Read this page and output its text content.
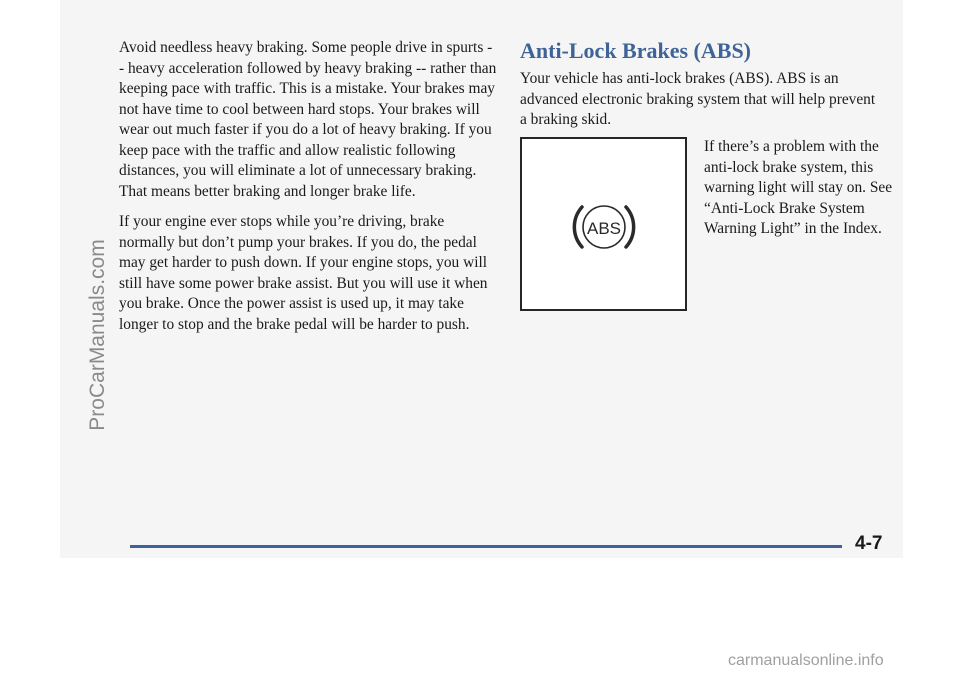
ProCarManuals.com

Avoid needless heavy braking. Some people drive in spurts -- heavy acceleration followed by heavy braking -- rather than keeping pace with traffic. This is a mistake. Your brakes may not have time to cool between hard stops. Your brakes will wear out much faster if you do a lot of heavy braking. If you keep pace with the traffic and allow realistic following distances, you will eliminate a lot of unnecessary braking. That means better braking and longer brake life.

If your engine ever stops while you’re driving, brake normally but don’t pump your brakes. If you do, the pedal may get harder to push down. If your engine stops, you will still have some power brake assist. But you will use it when you brake. Once the power assist is used up, it may take longer to stop and the brake pedal will be harder to push.

Anti-Lock Brakes (ABS)

Your vehicle has anti-lock brakes (ABS). ABS is an advanced electronic braking system that will help prevent a braking skid.

ABS

If there’s a problem with the anti-lock brake system, this warning light will stay on. See “Anti-Lock Brake System Warning Light” in the Index.

4-7
carmanualsonline.info
